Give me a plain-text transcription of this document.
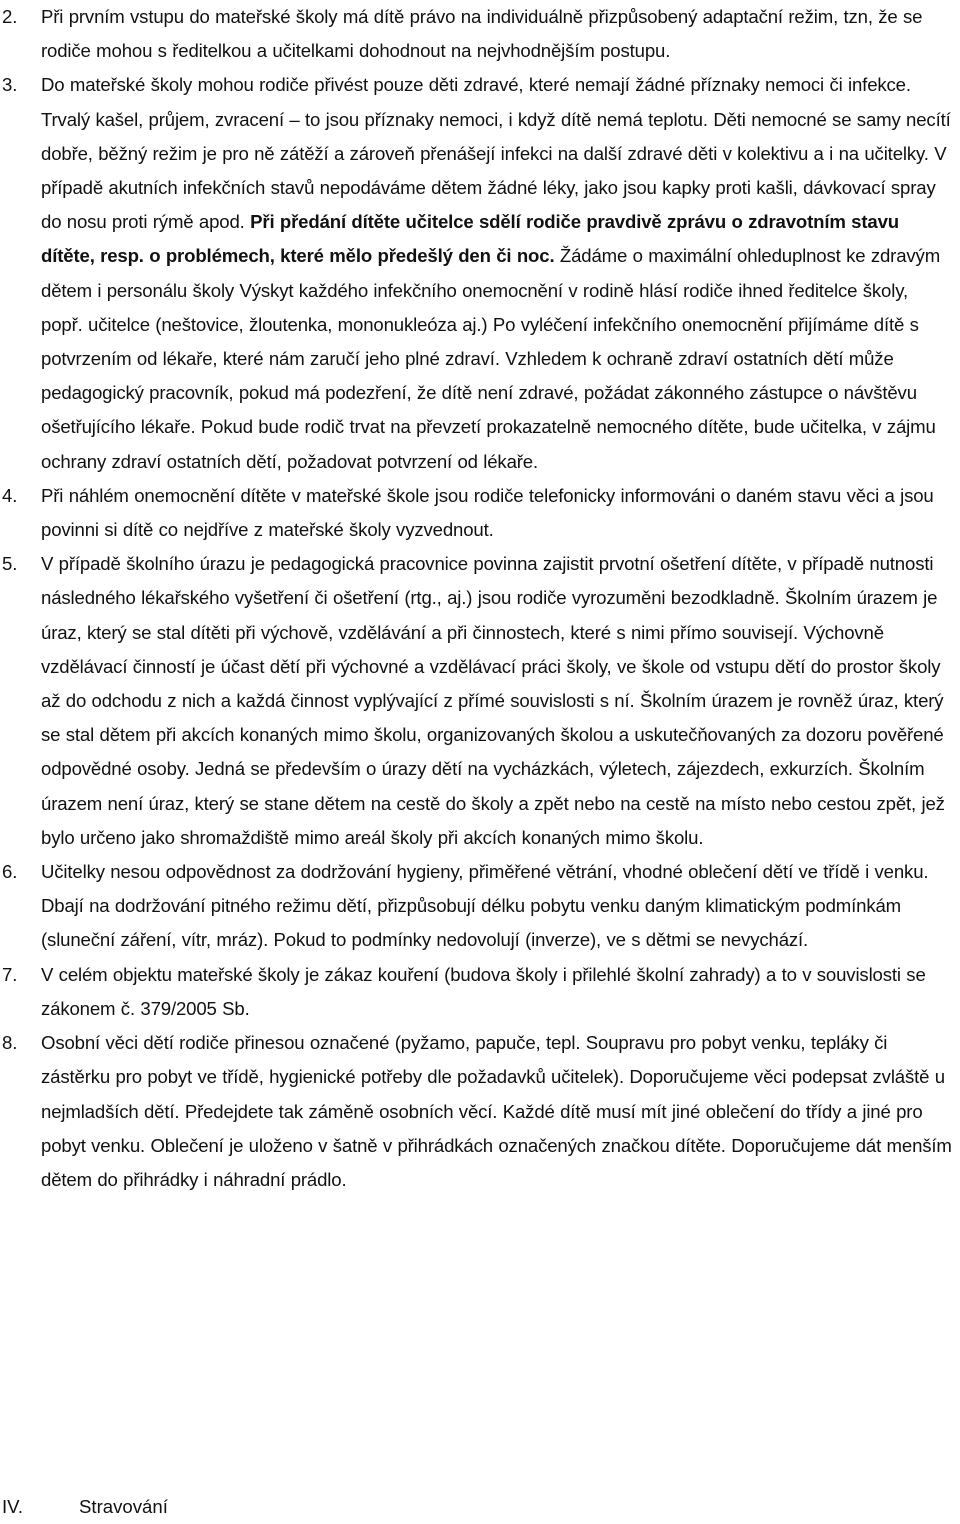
2. Při prvním vstupu do mateřské školy má dítě právo na individuálně přizpůsobený adaptační režim, tzn, že se rodiče mohou s ředitelkou a učitelkami dohodnout na nejvhodnějším postupu.
3. Do mateřské školy mohou rodiče přivést pouze děti zdravé, které nemají žádné příznaky nemoci či infekce. Trvalý kašel, průjem, zvracení – to jsou příznaky nemoci, i když dítě nemá teplotu. Děti nemocné se samy necítí dobře, běžný režim je pro ně zátěží a zároveň přenášejí infekci na další zdravé děti v kolektivu a i na učitelky. V případě akutních infekčních stavů nepodáváme dětem žádné léky, jako jsou kapky proti kašli, dávkovací spray do nosu proti rýmě apod. Při předání dítěte učitelce sdělí rodiče pravdivě zprávu o zdravotním stavu dítěte, resp. o problémech, které mělo předešlý den či noc. Žádáme o maximální ohleduplnost ke zdravým dětem i personálu školy Výskyt každého infekčního onemocnění v rodině hlásí rodiče ihned ředitelce školy, popř. učitelce (neštovice, žloutenka, mononukleóza aj.) Po vyléčení infekčního onemocnění přijímáme dítě s potvrzením od lékaře, které nám zaručí jeho plné zdraví. Vzhledem k ochraně zdraví ostatních dětí může pedagogický pracovník, pokud má podezření, že dítě není zdravé, požádat zákonného zástupce o návštěvu ošetřujícího lékaře. Pokud bude rodič trvat na převzetí prokazatelně nemocného dítěte, bude učitelka, v zájmu ochrany zdraví ostatních dětí, požadovat potvrzení od lékaře.
4. Při náhlém onemocnění dítěte v mateřské škole jsou rodiče telefonicky informováni o daném stavu věci a jsou povinni si dítě co nejdříve z mateřské školy vyzvednout.
5. V případě školního úrazu je pedagogická pracovnice povinna zajistit prvotní ošetření dítěte, v případě nutnosti následného lékařského vyšetření či ošetření (rtg., aj.) jsou rodiče vyrozuměni bezodkladně. Školním úrazem je úraz, který se stal dítěti při výchově, vzdělávání a při činnostech, které s nimi přímo souvisejí. Výchovně vzdělávací činností je účast dětí při výchovné a vzdělávací práci školy, ve škole od vstupu dětí do prostor školy až do odchodu z nich a každá činnost vyplývající z přímé souvislosti s ní. Školním úrazem je rovněž úraz, který se stal dětem při akcích konaných mimo školu, organizovaných školou a uskutečňovaných za dozoru pověřené odpovědné osoby. Jedná se především o úrazy dětí na vycházkách, výletech, zájezdech, exkurzích. Školním úrazem není úraz, který se stane dětem na cestě do školy a zpět nebo na cestě na místo nebo cestou zpět, jež bylo určeno jako shromaždiště mimo areál školy při akcích konaných mimo školu.
6. Učitelky nesou odpovědnost za dodržování hygieny, přiměřené větrání, vhodné oblečení dětí ve třídě i venku. Dbají na dodržování pitného režimu dětí, přizpůsobují délku pobytu venku daným klimatickým podmínkám (sluneční záření, vítr, mráz). Pokud to podmínky nedovolují (inverze), ve s dětmi se nevychází.
7. V celém objektu mateřské školy je zákaz kouření (budova školy i přilehlé školní zahrady) a to v souvislosti se zákonem č. 379/2005 Sb.
8. Osobní věci dětí rodiče přinesou označené (pyžamo, papuče, tepl. Soupravu pro pobyt venku, tepláky či zástěrku pro pobyt ve třídě, hygienické potřeby dle požadavků učitelek). Doporučujeme věci podepsat zvláště u nejmladších dětí. Předejdete tak záměně osobních věcí. Každé dítě musí mít jiné oblečení do třídy a jiné pro pobyt venku. Oblečení je uloženo v šatně v přihrádkách označených značkou dítěte. Doporučujeme dát menším dětem do přihrádky i náhradní prádlo.
IV.	Stravování
